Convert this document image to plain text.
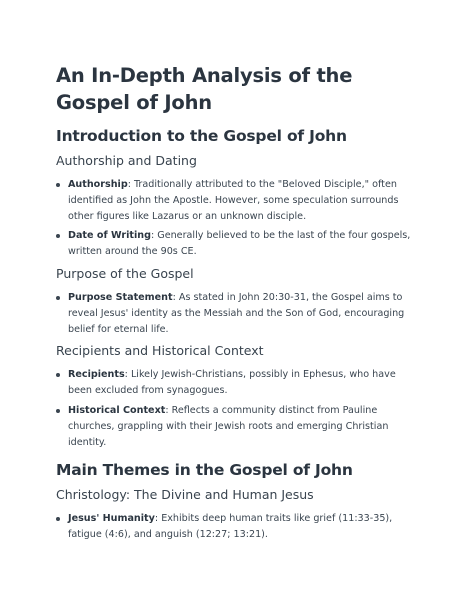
An In-Depth Analysis of the Gospel of John
Introduction to the Gospel of John
Authorship and Dating
Authorship: Traditionally attributed to the "Beloved Disciple," often identified as John the Apostle. However, some speculation surrounds other figures like Lazarus or an unknown disciple.
Date of Writing: Generally believed to be the last of the four gospels, written around the 90s CE.
Purpose of the Gospel
Purpose Statement: As stated in John 20:30-31, the Gospel aims to reveal Jesus' identity as the Messiah and the Son of God, encouraging belief for eternal life.
Recipients and Historical Context
Recipients: Likely Jewish-Christians, possibly in Ephesus, who have been excluded from synagogues.
Historical Context: Reflects a community distinct from Pauline churches, grappling with their Jewish roots and emerging Christian identity.
Main Themes in the Gospel of John
Christology: The Divine and Human Jesus
Jesus' Humanity: Exhibits deep human traits like grief (11:33-35), fatigue (4:6), and anguish (12:27; 13:21).
